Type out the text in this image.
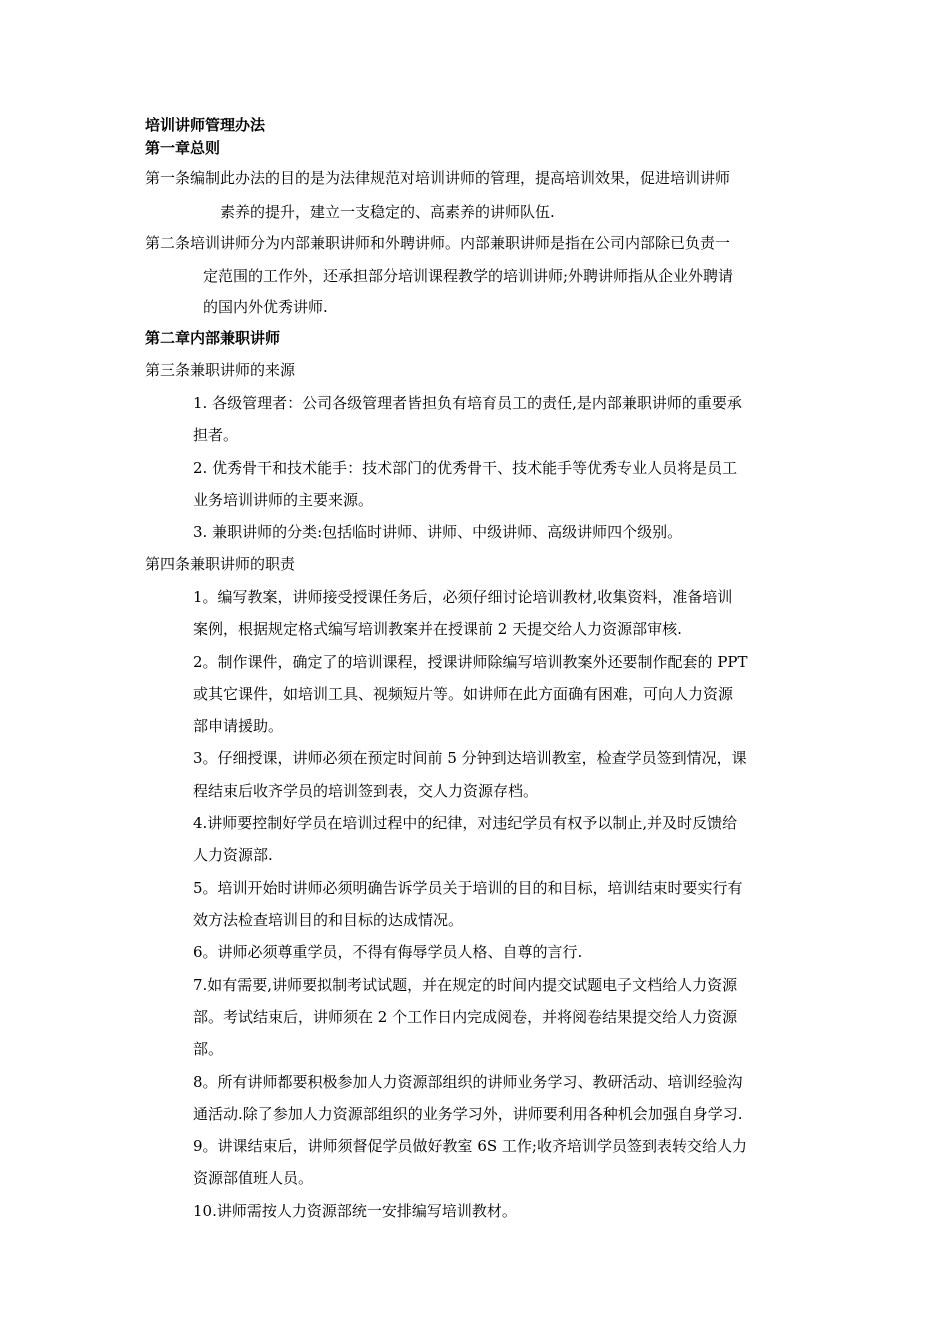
培训讲师管理办法
第一章总则
第一条编制此办法的目的是为法律规范对培训讲师的管理，提高培训效果，促进培训讲师
素养的提升，建立一支稳定的、高素养的讲师队伍.
第二条培训讲师分为内部兼职讲师和外聘讲师。内部兼职讲师是指在公司内部除已负责一
定范围的工作外，还承担部分培训课程教学的培训讲师;外聘讲师指从企业外聘请
的国内外优秀讲师.
第二章内部兼职讲师
第三条兼职讲师的来源
1. 各级管理者：公司各级管理者皆担负有培育员工的责任,是内部兼职讲师的重要承
担者。
2. 优秀骨干和技术能手：技术部门的优秀骨干、技术能手等优秀专业人员将是员工
业务培训讲师的主要来源。
3. 兼职讲师的分类:包括临时讲师、讲师、中级讲师、高级讲师四个级别。
第四条兼职讲师的职责
1。编写教案，讲师接受授课任务后，必须仔细讨论培训教材,收集资料，准备培训
案例，根据规定格式编写培训教案并在授课前 2 天提交给人力资源部审核.
2。制作课件，确定了的培训课程，授课讲师除编写培训教案外还要制作配套的 PPT
或其它课件，如培训工具、视频短片等。如讲师在此方面确有困难，可向人力资源
部申请援助。
3。仔细授课，讲师必须在预定时间前 5 分钟到达培训教室，检查学员签到情况，课
程结束后收齐学员的培训签到表，交人力资源存档。
4.讲师要控制好学员在培训过程中的纪律，对违纪学员有权予以制止,并及时反馈给
人力资源部.
5。培训开始时讲师必须明确告诉学员关于培训的目的和目标，培训结束时要实行有
效方法检查培训目的和目标的达成情况。
6。讲师必须尊重学员，不得有侮辱学员人格、自尊的言行.
7.如有需要,讲师要拟制考试试题，并在规定的时间内提交试题电子文档给人力资源
部。考试结束后，讲师须在 2 个工作日内完成阅卷，并将阅卷结果提交给人力资源
部。
8。所有讲师都要积极参加人力资源部组织的讲师业务学习、教研活动、培训经验沟
通活动.除了参加人力资源部组织的业务学习外，讲师要利用各种机会加强自身学习.
9。讲课结束后，讲师须督促学员做好教室 6S 工作;收齐培训学员签到表转交给人力
资源部值班人员。
10.讲师需按人力资源部统一安排编写培训教材。
